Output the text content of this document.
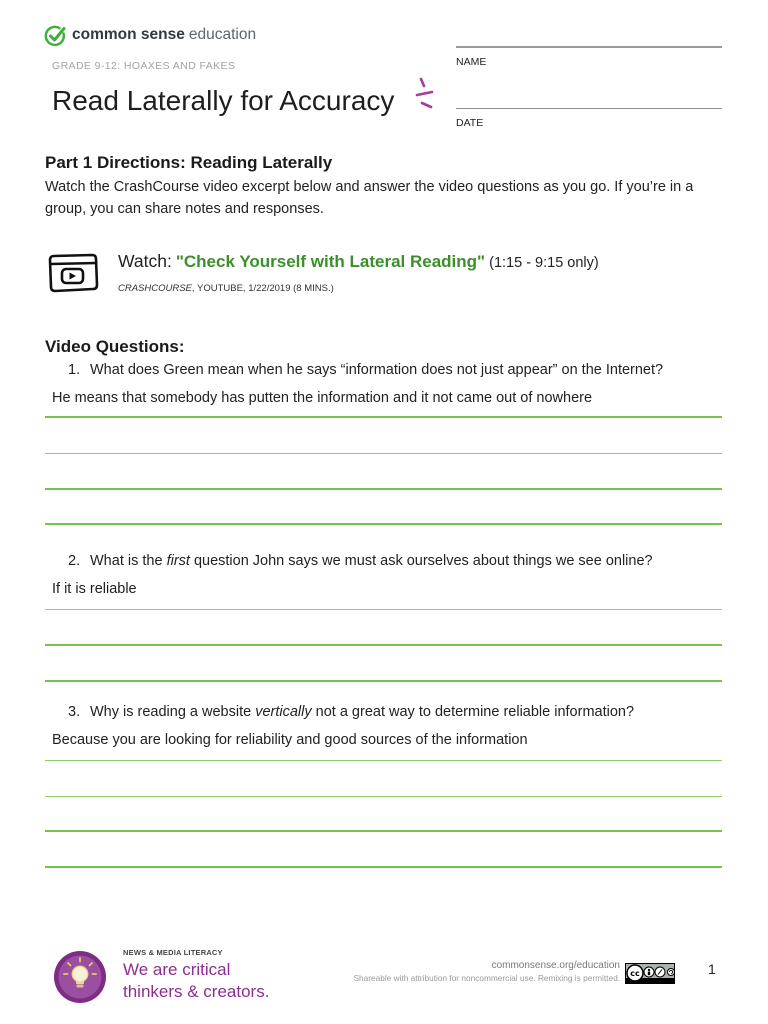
common sense education
GRADE 9-12: HOAXES AND FAKES
Read Laterally for Accuracy
NAME
DATE
Part 1 Directions: Reading Laterally
Watch the CrashCourse video excerpt below and answer the video questions as you go. If you’re in a
group, you can share notes and responses.
Watch: "Check Yourself with Lateral Reading" (1:15 - 9:15 only)
CRASHCOURSE, YOUTUBE, 1/22/2019 (8 MINS.)
Video Questions:
1. What does Green mean when he says “information does not just appear” on the Internet?
He means that somebody has putten the information and it not came out of nowhere
2. What is the first question John says we must ask ourselves about things we see online?
If it is reliable
3. Why is reading a website vertically not a great way to determine reliable information?
Because you are looking for reliability and good sources of the information
NEWS & MEDIA LITERACY
We are critical
thinkers & creators.
commonsense.org/education
Shareable with attribution for noncommercial use. Remixing is permitted. cc	1
